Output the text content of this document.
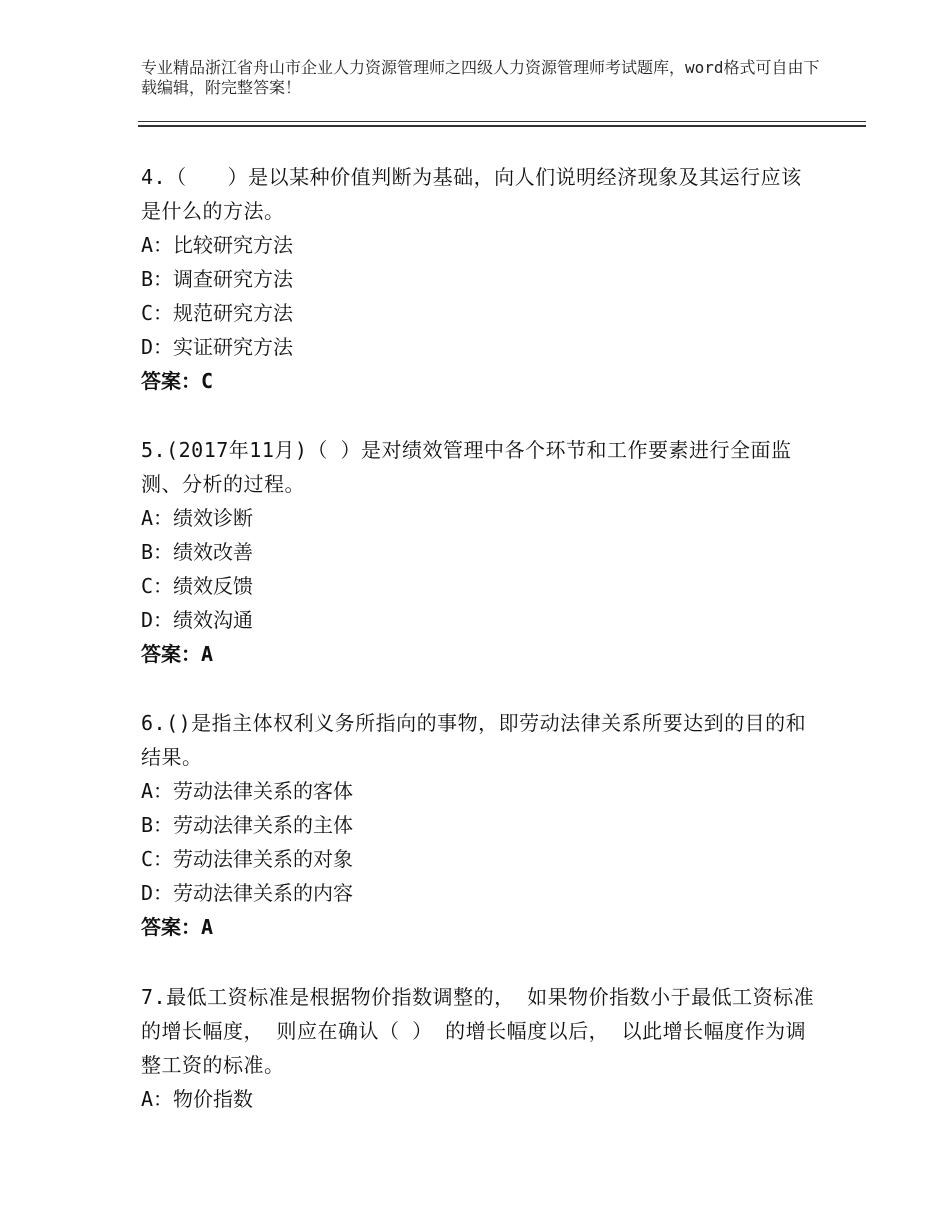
专业精品浙江省舟山市企业人力资源管理师之四级人力资源管理师考试题库，word格式可自由下载编辑，附完整答案！
4.（　　）是以某种价值判断为基础，向人们说明经济现象及其运行应该是什么的方法。
A：比较研究方法
B：调查研究方法
C：规范研究方法
D：实证研究方法
答案：C
5.(2017年11月)（ ）是对绩效管理中各个环节和工作要素进行全面监测、分析的过程。
A：绩效诊断
B：绩效改善
C：绩效反馈
D：绩效沟通
答案：A
6.()是指主体权利义务所指向的事物，即劳动法律关系所要达到的目的和结果。
A：劳动法律关系的客体
B：劳动法律关系的主体
C：劳动法律关系的对象
D：劳动法律关系的内容
答案：A
7.最低工资标准是根据物价指数调整的， 如果物价指数小于最低工资标准的增长幅度， 则应在确认（ ） 的增长幅度以后， 以此增长幅度作为调整工资的标准。
A：物价指数
